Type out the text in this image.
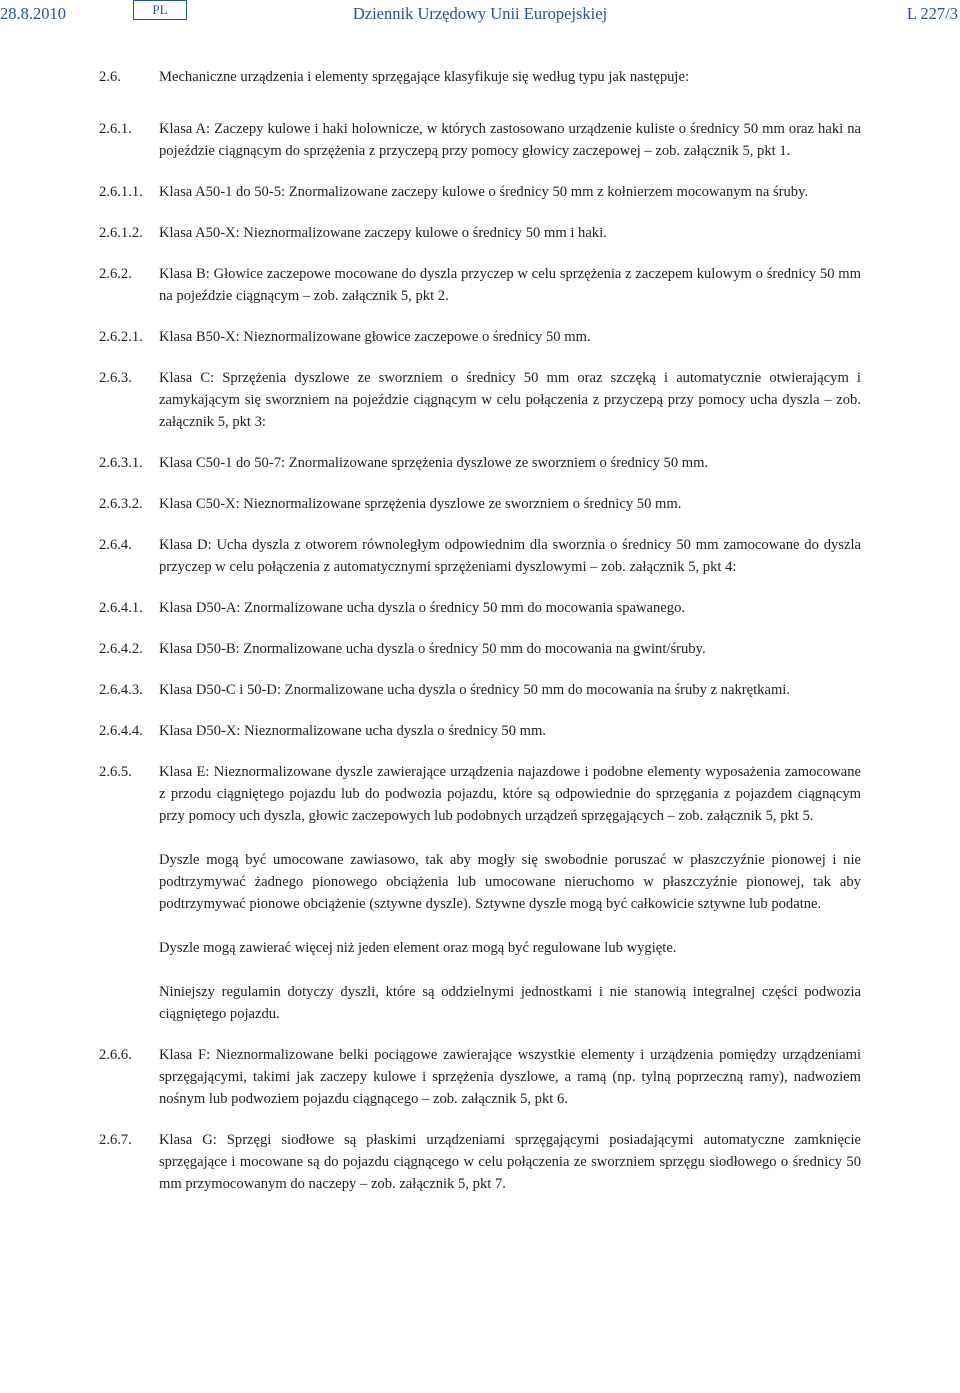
28.8.2010	PL	Dziennik Urzędowy Unii Europejskiej	L 227/3
2.6.	Mechaniczne urządzenia i elementy sprzęgające klasyfikuje się według typu jak następuje:
2.6.1. Klasa A: Zaczepy kulowe i haki holownicze, w których zastosowano urządzenie kuliste o średnicy 50 mm oraz haki na pojeździe ciągnącym do sprzężenia z przyczepą przy pomocy głowicy zaczepowej – zob. załącznik 5, pkt 1.
2.6.1.1. Klasa A50-1 do 50-5: Znormalizowane zaczepy kulowe o średnicy 50 mm z kołnierzem mocowanym na śruby.
2.6.1.2. Klasa A50-X: Nieznormalizowane zaczepy kulowe o średnicy 50 mm i haki.
2.6.2. Klasa B: Głowice zaczepowe mocowane do dyszla przyczep w celu sprzężenia z zaczepem kulowym o średnicy 50 mm na pojeździe ciągnącym – zob. załącznik 5, pkt 2.
2.6.2.1. Klasa B50-X: Nieznormalizowane głowice zaczepowe o średnicy 50 mm.
2.6.3. Klasa C: Sprzężenia dyszlowe ze sworzniem o średnicy 50 mm oraz szczęką i automatycznie otwierającym i zamykającym się sworzniem na pojeździe ciągnącym w celu połączenia z przyczepą przy pomocy ucha dyszla – zob. załącznik 5, pkt 3:
2.6.3.1. Klasa C50-1 do 50-7: Znormalizowane sprzężenia dyszlowe ze sworzniem o średnicy 50 mm.
2.6.3.2. Klasa C50-X: Nieznormalizowane sprzężenia dyszlowe ze sworzniem o średnicy 50 mm.
2.6.4. Klasa D: Ucha dyszla z otworem równoległym odpowiednim dla sworznia o średnicy 50 mm zamocowane do dyszla przyczep w celu połączenia z automatycznymi sprzężeniami dyszlowymi – zob. załącznik 5, pkt 4:
2.6.4.1. Klasa D50-A: Znormalizowane ucha dyszla o średnicy 50 mm do mocowania spawanego.
2.6.4.2. Klasa D50-B: Znormalizowane ucha dyszla o średnicy 50 mm do mocowania na gwint/śruby.
2.6.4.3. Klasa D50-C i 50-D: Znormalizowane ucha dyszla o średnicy 50 mm do mocowania na śruby z nakrętkami.
2.6.4.4. Klasa D50-X: Nieznormalizowane ucha dyszla o średnicy 50 mm.
2.6.5. Klasa E: Nieznormalizowane dyszle zawierające urządzenia najazdowe i podobne elementy wyposażenia zamocowane z przodu ciągniętego pojazdu lub do podwozia pojazdu, które są odpowiednie do sprzęgania z pojazdem ciągnącym przy pomocy uch dyszla, głowic zaczepowych lub podobnych urządzeń sprzęgających – zob. załącznik 5, pkt 5.
Dyszle mogą być umocowane zawiasowo, tak aby mogły się swobodnie poruszać w płaszczyźnie pionowej i nie podtrzymywać żadnego pionowego obciążenia lub umocowane nieruchomo w płaszczyźnie pionowej, tak aby podtrzymywać pionowe obciążenie (sztywne dyszle). Sztywne dyszle mogą być całkowicie sztywne lub podatne.
Dyszle mogą zawierać więcej niż jeden element oraz mogą być regulowane lub wygięte.
Niniejszy regulamin dotyczy dyszli, które są oddzielnymi jednostkami i nie stanowią integralnej części podwozia ciągniętego pojazdu.
2.6.6. Klasa F: Nieznormalizowane belki pociągowe zawierające wszystkie elementy i urządzenia pomiędzy urządzeniami sprzęgającymi, takimi jak zaczepy kulowe i sprzężenia dyszlowe, a ramą (np. tylną poprzeczną ramy), nadwoziem nośnym lub podwoziem pojazdu ciągnącego – zob. załącznik 5, pkt 6.
2.6.7. Klasa G: Sprzęgi siodłowe są płaskimi urządzeniami sprzęgającymi posiadającymi automatyczne zamknięcie sprzęgające i mocowane są do pojazdu ciągnącego w celu połączenia ze sworzniem sprzęgu siodłowego o średnicy 50 mm przymocowanym do naczepy – zob. załącznik 5, pkt 7.
